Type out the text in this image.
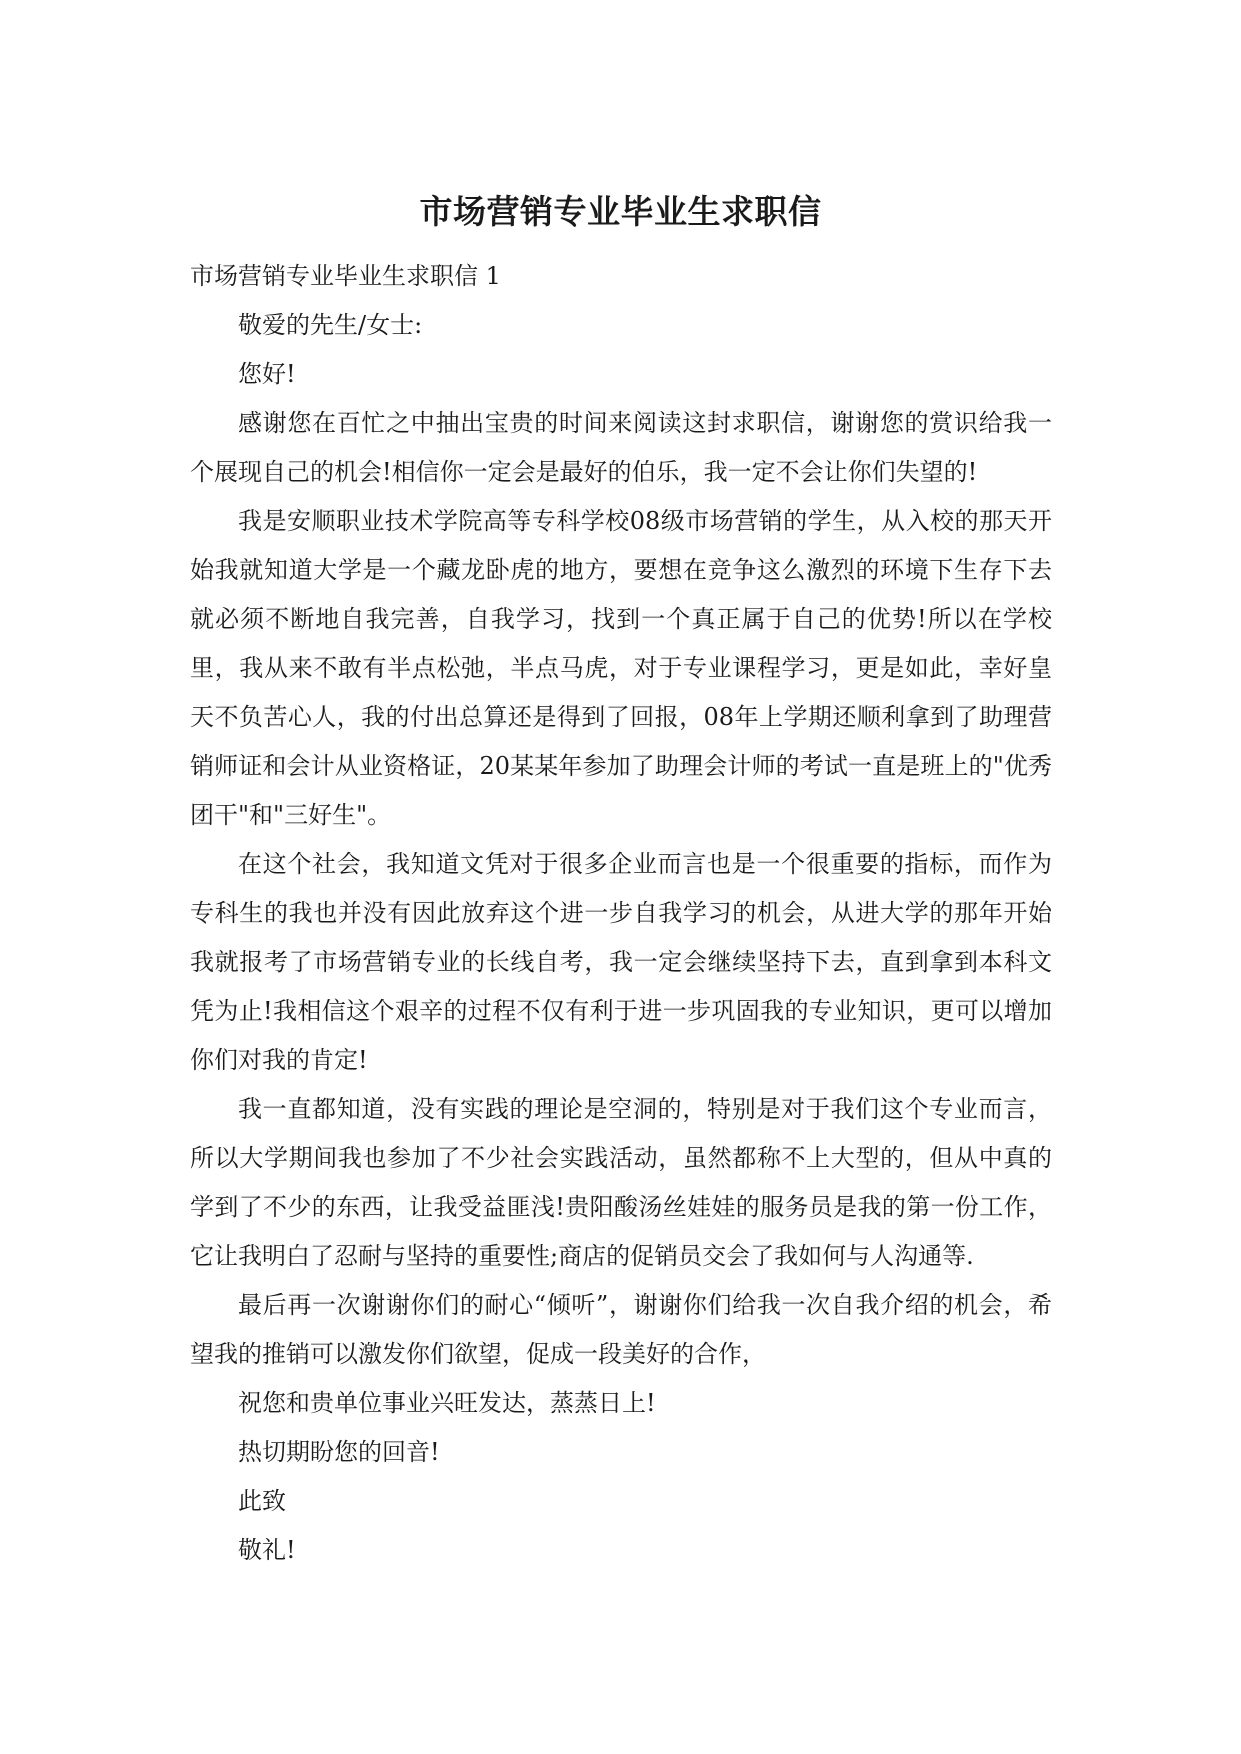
市场营销专业毕业生求职信

市场营销专业毕业生求职信 1

敬爱的先生/女士:

您好!

感谢您在百忙之中抽出宝贵的时间来阅读这封求职信，谢谢您的赏识给我一个展现自己的机会!相信你一定会是最好的伯乐，我一定不会让你们失望的!

我是安顺职业技术学院高等专科学校08级市场营销的学生，从入校的那天开始我就知道大学是一个藏龙卧虎的地方，要想在竞争这么激烈的环境下生存下去就必须不断地自我完善，自我学习，找到一个真正属于自己的优势!所以在学校里，我从来不敢有半点松弛，半点马虎，对于专业课程学习，更是如此，幸好皇天不负苦心人，我的付出总算还是得到了回报，08年上学期还顺利拿到了助理营销师证和会计从业资格证，20某某年参加了助理会计师的考试一直是班上的"优秀团干"和"三好生"。

在这个社会，我知道文凭对于很多企业而言也是一个很重要的指标，而作为专科生的我也并没有因此放弃这个进一步自我学习的机会，从进大学的那年开始我就报考了市场营销专业的长线自考，我一定会继续坚持下去，直到拿到本科文凭为止!我相信这个艰辛的过程不仅有利于进一步巩固我的专业知识，更可以增加你们对我的肯定!

我一直都知道，没有实践的理论是空洞的，特别是对于我们这个专业而言，所以大学期间我也参加了不少社会实践活动，虽然都称不上大型的，但从中真的学到了不少的东西，让我受益匪浅!贵阳酸汤丝娃娃的服务员是我的第一份工作，它让我明白了忍耐与坚持的重要性;商店的促销员交会了我如何与人沟通等.

最后再一次谢谢你们的耐心“倾听”，谢谢你们给我一次自我介绍的机会，希望我的推销可以激发你们欲望，促成一段美好的合作，

祝您和贵单位事业兴旺发达，蒸蒸日上!

热切期盼您的回音!

此致

敬礼!
